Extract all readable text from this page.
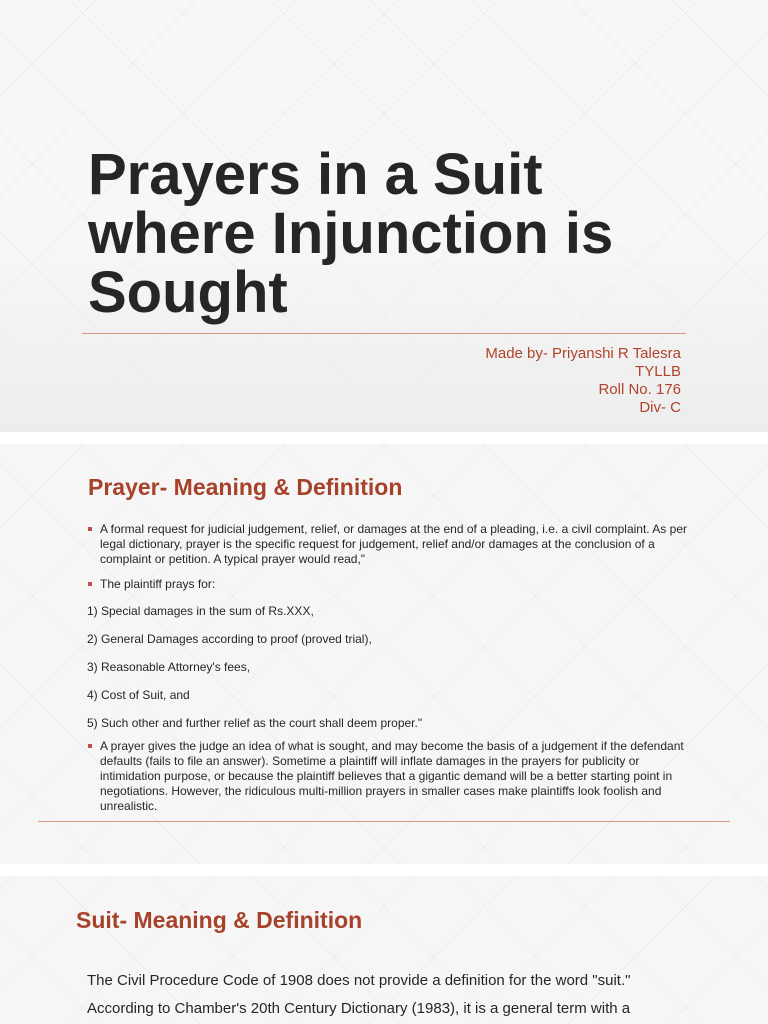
Prayers in a Suit where Injunction is Sought
Made by- Priyanshi R Talesra
TYLLB
Roll No. 176
Div- C
Prayer- Meaning & Definition
A formal request for judicial judgement, relief, or damages at the end of a pleading, i.e. a civil complaint. As per legal dictionary, prayer is the specific request for judgement, relief and/or damages at the conclusion of a complaint or petition. A typical prayer would read,"
The plaintiff prays for:
1) Special damages in the sum of Rs.XXX,
2) General Damages according to proof (proved trial),
3) Reasonable Attorney's fees,
4) Cost of Suit, and
5) Such other and further relief as the court shall deem proper."
A prayer gives the judge an idea of what is sought, and may become the basis of a judgement if the defendant defaults (fails to file an answer). Sometime a plaintiff will inflate damages in the prayers for publicity or intimidation purpose, or because the plaintiff believes that a gigantic demand will be a better starting point in negotiations. However, the ridiculous multi-million prayers in smaller cases make plaintiffs look foolish and unrealistic.
Suit- Meaning & Definition
The Civil Procedure Code of 1908 does not provide a definition for the word "suit."
According to Chamber's 20th Century Dictionary (1983), it is a general term with a
